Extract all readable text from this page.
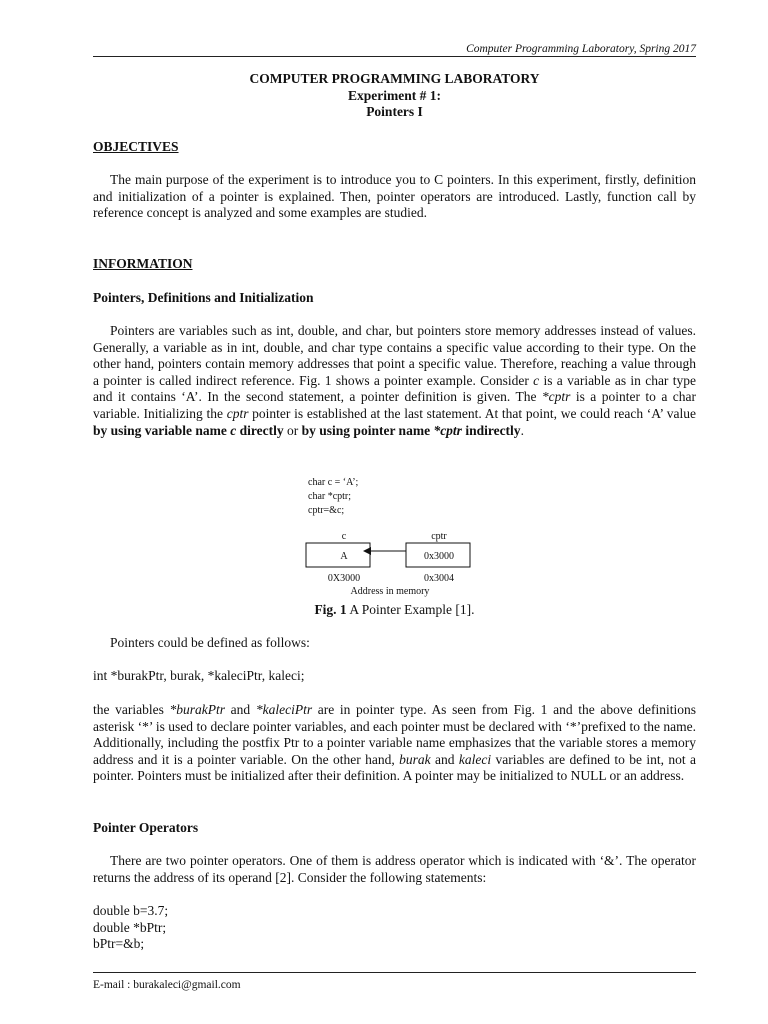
Computer Programming Laboratory, Spring 2017
COMPUTER PROGRAMMING LABORATORY
Experiment # 1:
Pointers I
OBJECTIVES
The main purpose of the experiment is to introduce you to C pointers. In this experiment, firstly, definition and initialization of a pointer is explained. Then, pointer operators are introduced. Lastly, function call by reference concept is analyzed and some examples are studied.
INFORMATION
Pointers, Definitions and Initialization
Pointers are variables such as int, double, and char, but pointers store memory addresses instead of values. Generally, a variable as in int, double, and char type contains a specific value according to their type. On the other hand, pointers contain memory addresses that point a specific value. Therefore, reaching a value through a pointer is called indirect reference. Fig. 1 shows a pointer example. Consider c is a variable as in char type and it contains ‘A’. In the second statement, a pointer definition is given. The *cptr is a pointer to a char variable. Initializing the cptr pointer is established at the last statement. At that point, we could reach ‘A’ value by using variable name c directly or by using pointer name *cptr indirectly.
char c = ‘A’;
char *cptr;
cptr=&c;
c	cptr
A	0x3000
0X3000	0x3004
Address in memory
Fig. 1 A Pointer Example [1].
Pointers could be defined as follows:
int *burakPtr, burak, *kaleciPtr, kaleci;
the variables *burakPtr and *kaleciPtr are in pointer type. As seen from Fig. 1 and the above definitions asterisk ‘*’ is used to declare pointer variables, and each pointer must be declared with ‘*’prefixed to the name. Additionally, including the postfix Ptr to a pointer variable name emphasizes that the variable stores a memory address and it is a pointer variable. On the other hand, burak and kaleci variables are defined to be int, not a pointer. Pointers must be initialized after their definition. A pointer may be initialized to NULL or an address.
Pointer Operators
There are two pointer operators. One of them is address operator which is indicated with ‘&’. The operator returns the address of its operand [2]. Consider the following statements:
double b=3.7;
double *bPtr;
bPtr=&b;
E-mail : burakaleci@gmail.com
